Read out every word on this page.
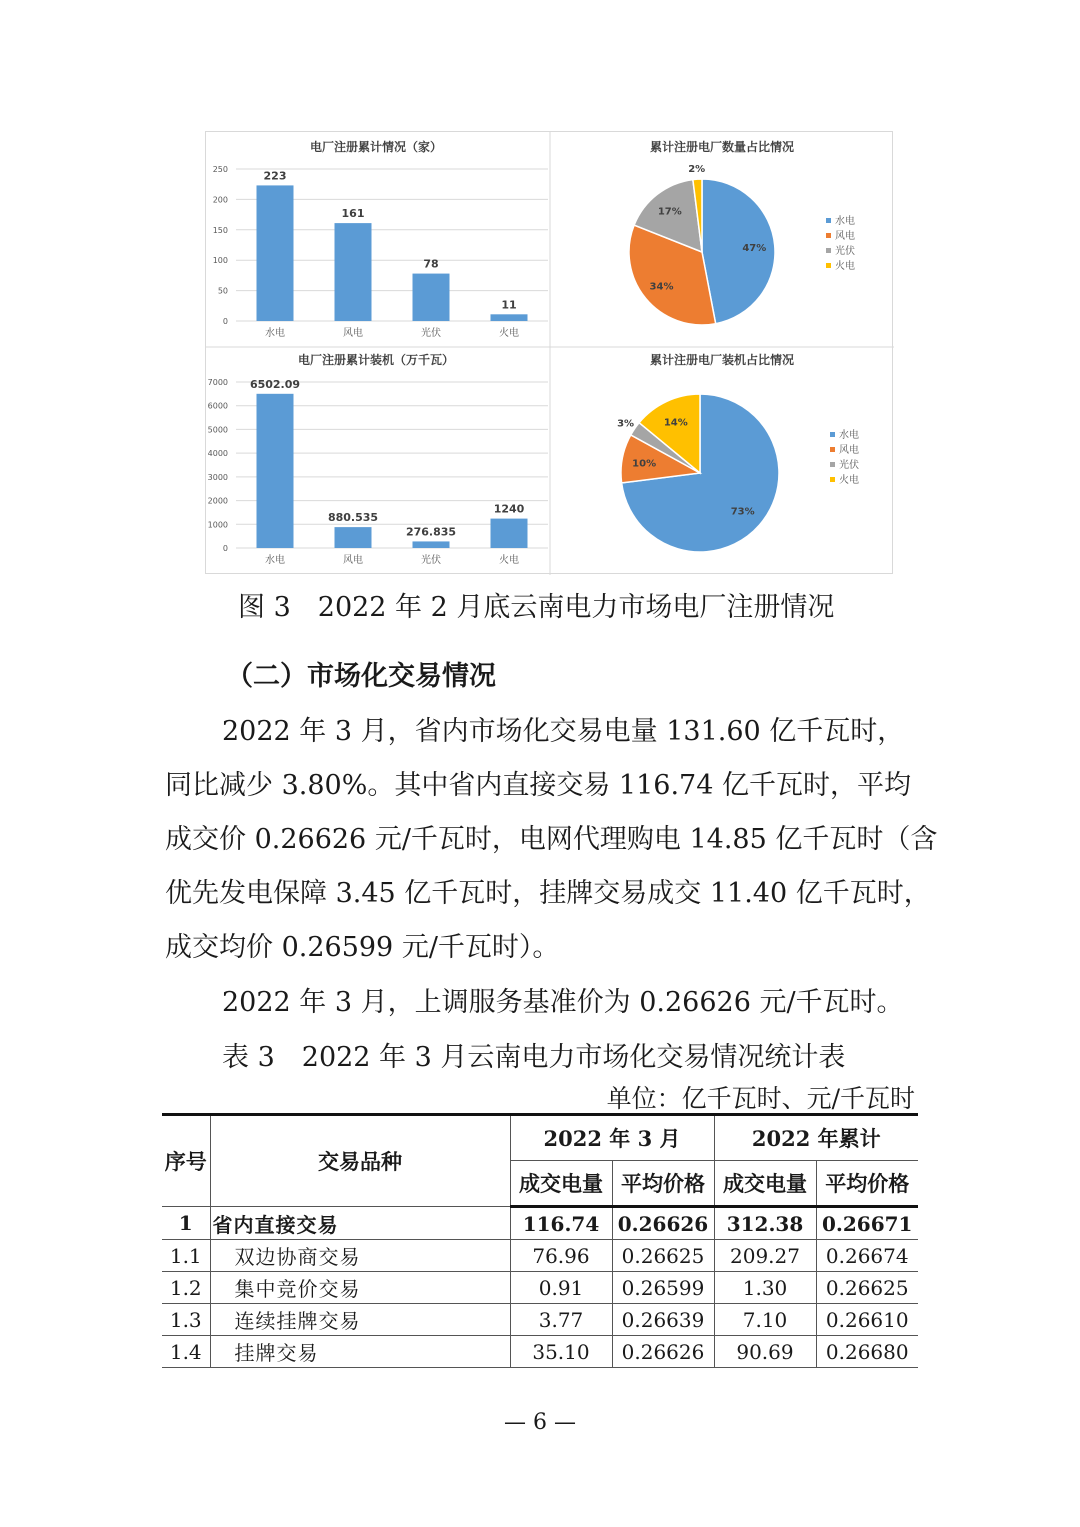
电厂注册累计情况（家）
250
200
150
100
50
0
223
水电
161
风电
78
光伏
11
火电
累计注册电厂数量占比情况
47%
34%
17%
2%
水电
风电
光伏
火电
电厂注册累计装机（万千瓦）
7000
6000
5000
4000
3000
2000
1000
0
6502.09
水电
880.535
风电
276.835
光伏
1240
火电
累计注册电厂装机占比情况
73%
10%
3%	14%
水电
风电
光伏
火电
图 3　2022 年 2 月底云南电力市场电厂注册情况
（二）市场化交易情况
2022 年 3 月，省内市场化交易电量 131.60 亿千瓦时，
同比减少 3.80%。其中省内直接交易 116.74 亿千瓦时，平均
成交价 0.26626 元/千瓦时，电网代理购电 14.85 亿千瓦时（含
优先发电保障 3.45 亿千瓦时，挂牌交易成交 11.40 亿千瓦时，
成交均价 0.26599 元/千瓦时）。
2022 年 3 月，上调服务基准价为 0.26626 元/千瓦时。
表 3　2022 年 3 月云南电力市场化交易情况统计表
单位：亿千瓦时、元/千瓦时
序号	交易品种	2022 年 3 月		2022 年累计	
		成交电量	平均价格	成交电量	平均价格
1	省内直接交易	116.74	0.26626	312.38	0.26671
1.1	双边协商交易	76.96	0.26625	209.27	0.26674
1.2	集中竞价交易	0.91	0.26599	1.30	0.26625
1.3	连续挂牌交易	3.77	0.26639	7.10	0.26610
1.4	挂牌交易	35.10	0.26626	90.69	0.26680
— 6 —
